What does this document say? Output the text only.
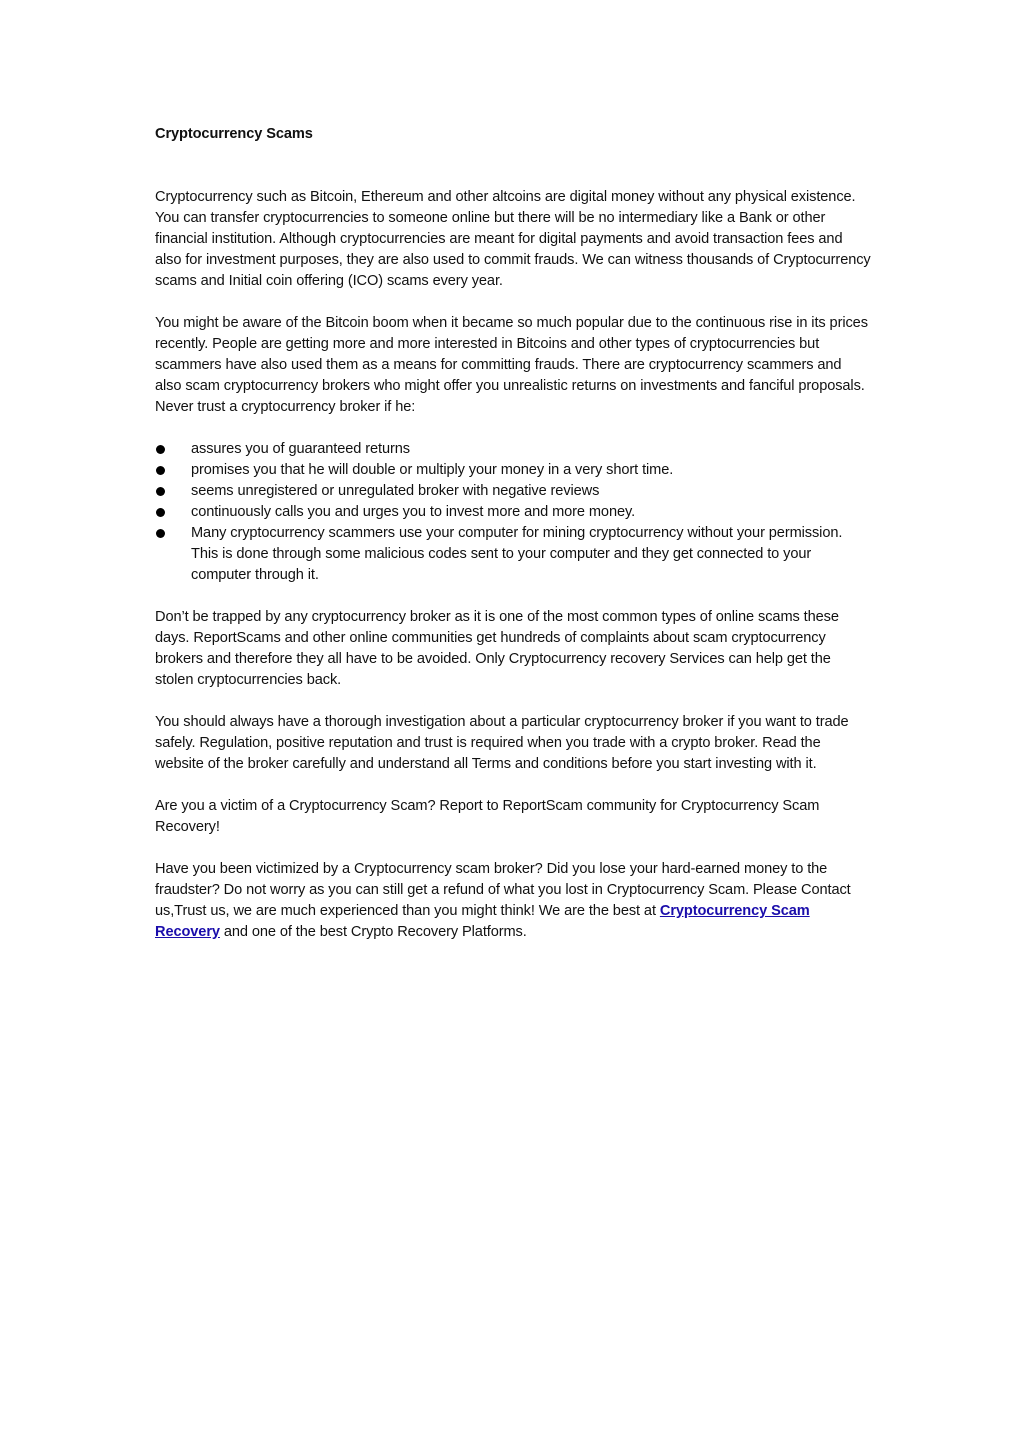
Cryptocurrency Scams

Cryptocurrency such as Bitcoin, Ethereum and other altcoins are digital money without any physical existence. You can transfer cryptocurrencies to someone online but there will be no intermediary like a Bank or other financial institution. Although cryptocurrencies are meant for digital payments and avoid transaction fees and also for investment purposes, they are also used to commit frauds. We can witness thousands of Cryptocurrency scams and Initial coin offering (ICO) scams every year.

You might be aware of the Bitcoin boom when it became so much popular due to the continuous rise in its prices recently. People are getting more and more interested in Bitcoins and other types of cryptocurrencies but scammers have also used them as a means for committing frauds. There are cryptocurrency scammers and also scam cryptocurrency brokers who might offer you unrealistic returns on investments and fanciful proposals. Never trust a cryptocurrency broker if he:

assures you of guaranteed returns
promises you that he will double or multiply your money in a very short time.
seems unregistered or unregulated broker with negative reviews
continuously calls you and urges you to invest more and more money.
Many cryptocurrency scammers use your computer for mining cryptocurrency without your permission. This is done through some malicious codes sent to your computer and they get connected to your computer through it.

Don’t be trapped by any cryptocurrency broker as it is one of the most common types of online scams these days. ReportScams and other online communities get hundreds of complaints about scam cryptocurrency brokers and therefore they all have to be avoided. Only Cryptocurrency recovery Services can help get the stolen cryptocurrencies back.

You should always have a thorough investigation about a particular cryptocurrency broker if you want to trade safely. Regulation, positive reputation and trust is required when you trade with a crypto broker. Read the website of the broker carefully and understand all Terms and conditions before you start investing with it.

Are you a victim of a Cryptocurrency Scam? Report to ReportScam community for Cryptocurrency Scam Recovery!

Have you been victimized by a Cryptocurrency scam broker? Did you lose your hard-earned money to the fraudster? Do not worry as you can still get a refund of what you lost in Cryptocurrency Scam. Please Contact us,Trust us, we are much experienced than you might think! We are the best at Cryptocurrency Scam Recovery and one of the best Crypto Recovery Platforms.
